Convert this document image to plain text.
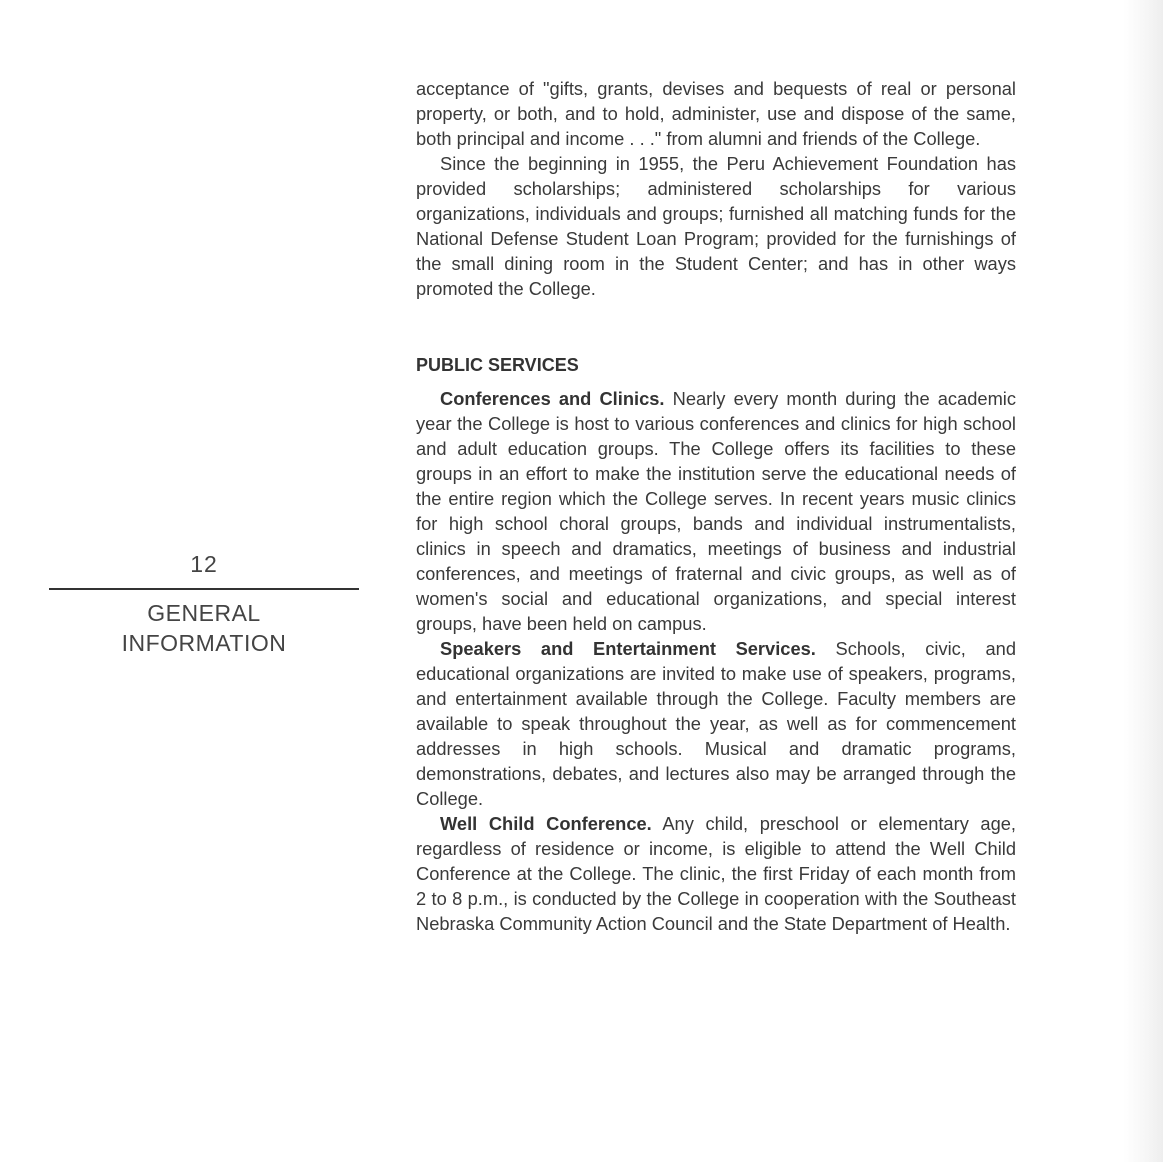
12
GENERAL
INFORMATION

acceptance of "gifts, grants, devises and bequests of real or personal property, or both, and to hold, administer, use and dispose of the same, both principal and income . . ." from alumni and friends of the College.

Since the beginning in 1955, the Peru Achievement Foundation has provided scholarships; administered scholarships for various organizations, individuals and groups; furnished all matching funds for the National Defense Student Loan Program; provided for the furnishings of the small dining room in the Student Center; and has in other ways promoted the College.

PUBLIC SERVICES

Conferences and Clinics. Nearly every month during the academic year the College is host to various conferences and clinics for high school and adult education groups. The College offers its facilities to these groups in an effort to make the institution serve the educational needs of the entire region which the College serves. In recent years music clinics for high school choral groups, bands and individual instrumentalists, clinics in speech and dramatics, meetings of business and industrial conferences, and meetings of fraternal and civic groups, as well as of women's social and educational organizations, and special interest groups, have been held on campus.

Speakers and Entertainment Services. Schools, civic, and educational organizations are invited to make use of speakers, programs, and entertainment available through the College. Faculty members are available to speak throughout the year, as well as for commencement addresses in high schools. Musical and dramatic programs, demonstrations, debates, and lectures also may be arranged through the College.

Well Child Conference. Any child, preschool or elementary age, regardless of residence or income, is eligible to attend the Well Child Conference at the College. The clinic, the first Friday of each month from 2 to 8 p.m., is conducted by the College in cooperation with the Southeast Nebraska Community Action Council and the State Department of Health.
